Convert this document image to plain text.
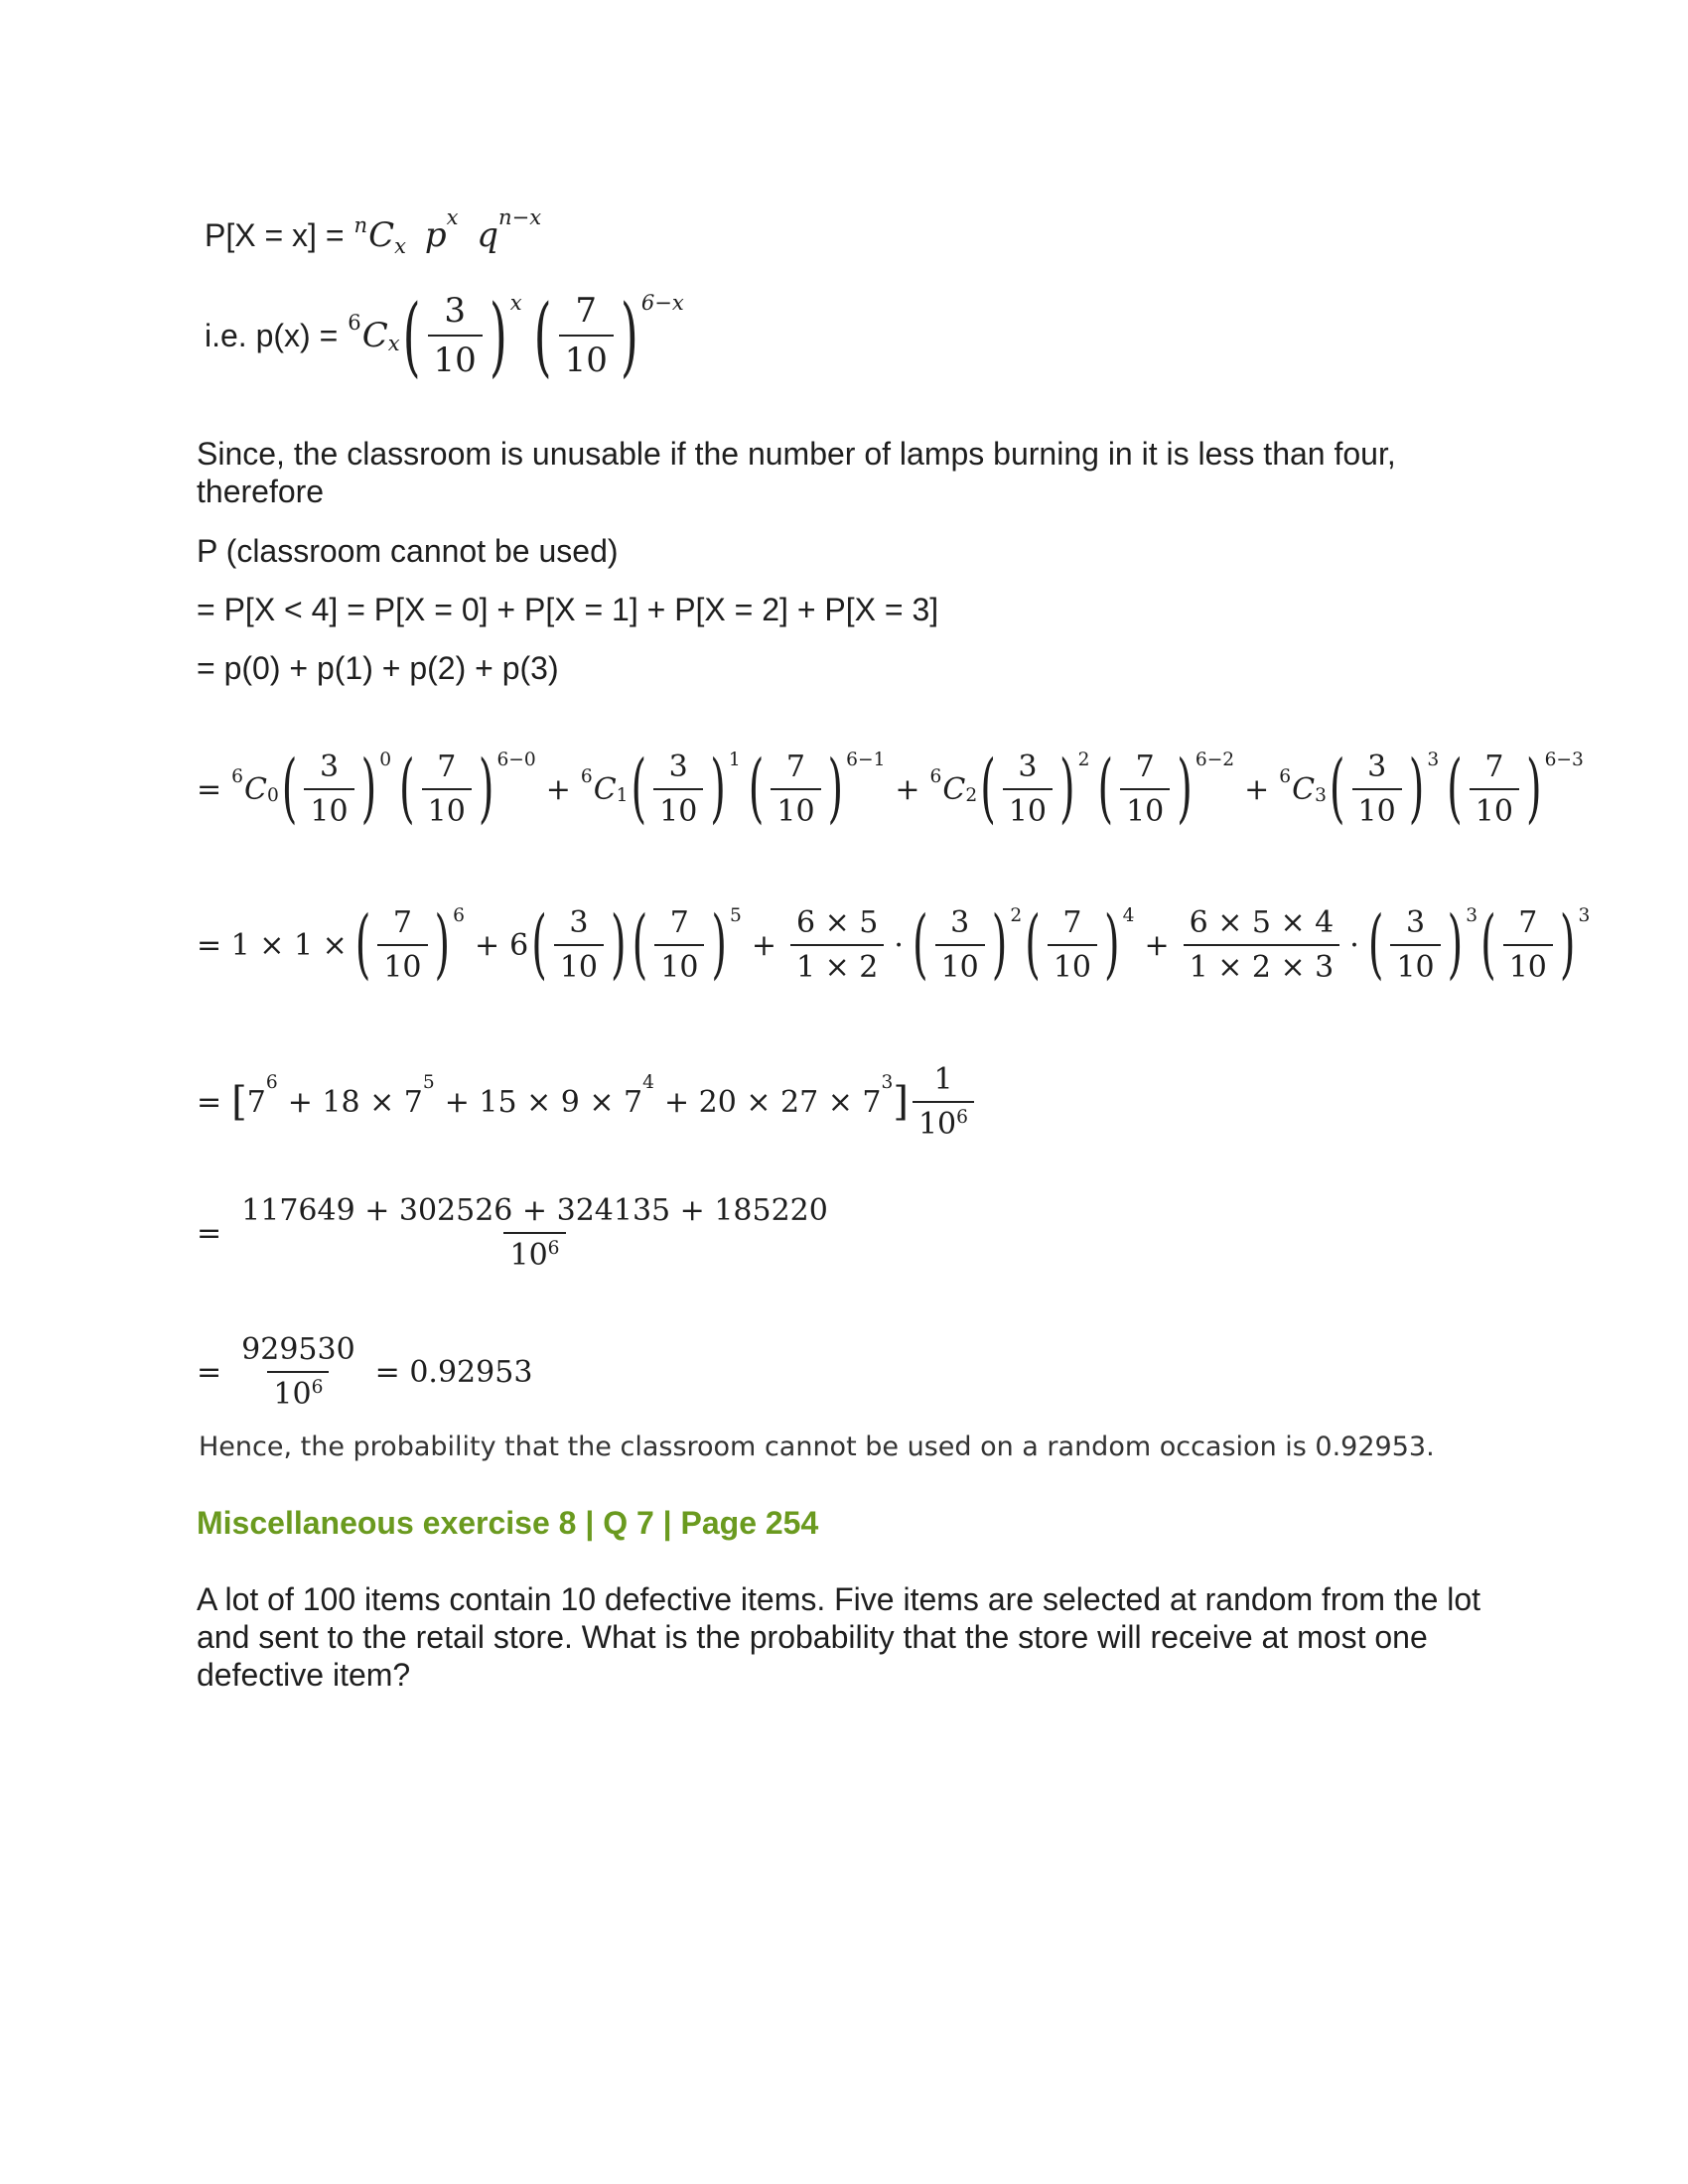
$P[X = x] = ^nC_x$ $p^x$ $q^{n-x}$
i.e. p(x) = 6 C x ( $\frac{3}{10}$ ) x ( $\frac{7}{10}$ ) 6−x
Since, the classroom is unusable if the number of lamps burning in it is less than four, therefore
P (classroom cannot be used)
= P[X < 4] = P[X = 0] + P[X = 1] + P[X = 2] + P[X = 3]
= p(0) + p(1) + p(2) + p(3)
= 6 C 0 ( $\frac{3}{10}$ ) 0 ( $\frac{7}{10}$ ) 6−0
+ 6 C 1 ( $\frac{3}{10}$ ) 1 ( $\frac{7}{10}$ ) 6−1
+ 6 C 2 ( $\frac{3}{10}$ ) 2 ( $\frac{7}{10}$ ) 6−2
+ 6 C 3 ( $\frac{3}{10}$ ) 3 ( $\frac{7}{10}$ ) 6−3
= 1 × 1 × ( $\frac{7}{10}$ ) 6
+ 6 ( $\frac{3}{10}$ ) ( $\frac{7}{10}$ ) 5
+ $\frac{6 \times 5}{1 \times 2}$ · ( $\frac{3}{10}$ ) 2 ( $\frac{7}{10}$ ) 4
+ $\frac{6 \times 5 \times 4}{1 \times 2 \times 3}$ · ( $\frac{3}{10}$ ) 3 ( $\frac{7}{10}$ ) 3
= [ 7
6
+ 18 × 7
5
+ 15 × 9 × 7
4
+ 20 × 27 × 7
3 ] $\frac{1}{10^6}$
= $\frac{117649 + 302526 + 324135 + 185220}{10^6}$
= $\frac{929530}{10^6} = 0.92953$
Hence, the probability that the classroom cannot be used on a random occasion is 0.92953.
Miscellaneous exercise 8 | Q 7 | Page 254
A lot of 100 items contain 10 defective items. Five items are selected at random from the lot and sent to the retail store. What is the probability that the store will receive at most one defective item?
